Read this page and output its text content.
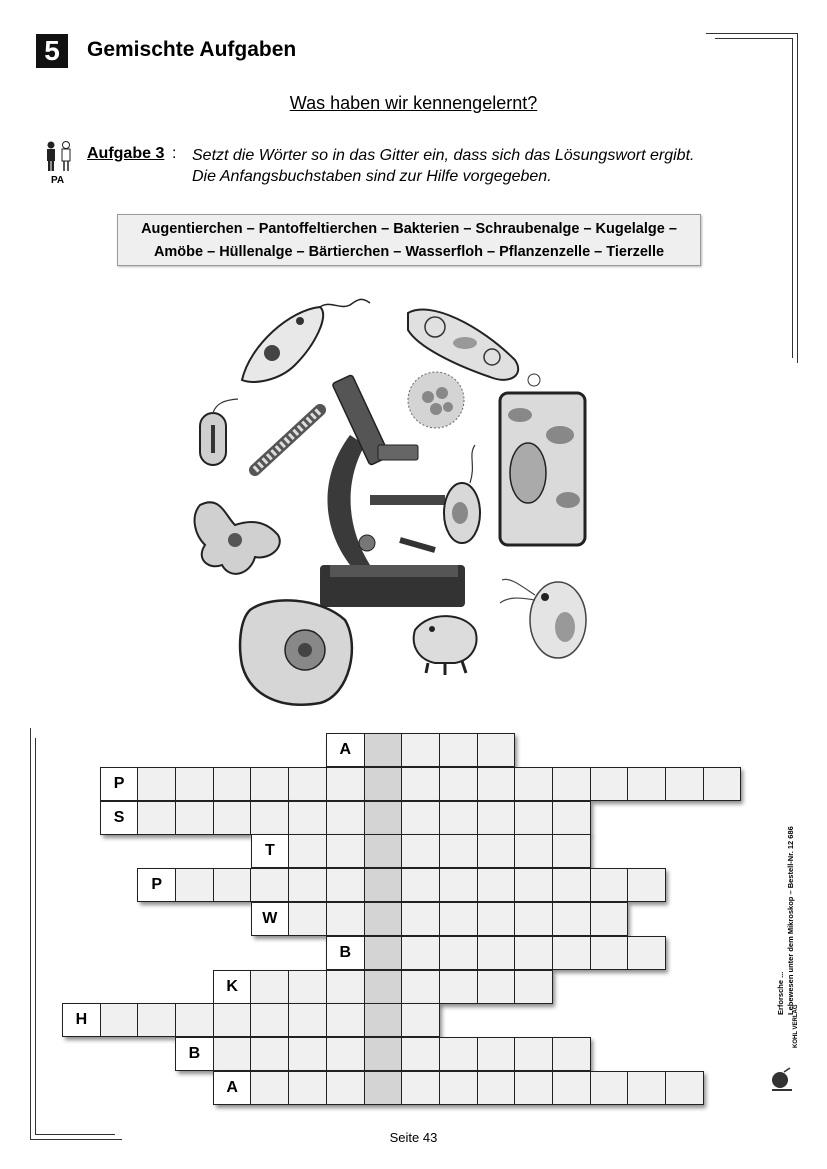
5	Gemischte Aufgaben
Was haben wir kennengelernt?
PA
Aufgabe 3 : Setzt die Wörter so in das Gitter ein, dass sich das Lösungswort ergibt.
Die Anfangsbuchstaben sind zur Hilfe vorgegeben.
Augentierchen – Pantoffeltierchen – Bakterien – Schraubenalge – Kugelalge –
Amöbe – Hüllenalge – Bärtierchen – Wasserfloh – Pflanzenzelle – Tierzelle
A
P
S
T
P
W
B
K
H
B
A
Erforsche ... Lebewesen unter dem Mikroskop – Bestell-Nr. 12 686
KOHL VERLAG
Seite 43
